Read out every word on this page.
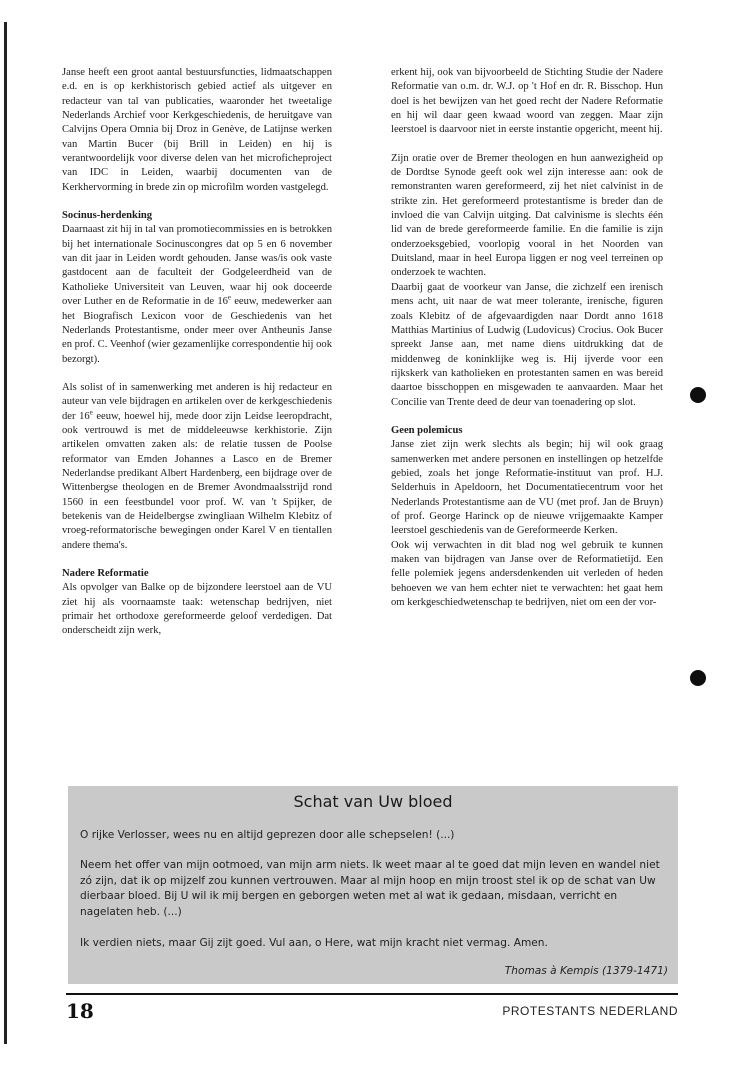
Janse heeft een groot aantal bestuursfuncties, lidmaatschappen e.d. en is op kerkhistorisch gebied actief als uitgever en redacteur van tal van publicaties, waaronder het tweetalige Nederlands Archief voor Kerkgeschiedenis, de heruitgave van Calvijns Opera Omnia bij Droz in Genève, de Latijnse werken van Martin Bucer (bij Brill in Leiden) en hij is verantwoordelijk voor diverse delen van het microficheproject van IDC in Leiden, waarbij documenten van de Kerkhervorming in brede zin op microfilm worden vastgelegd.

Socinus-herdenking

Daarnaast zit hij in tal van promotiecommissies en is betrokken bij het internationale Socinuscongres dat op 5 en 6 november van dit jaar in Leiden wordt gehouden. Janse was/is ook vaste gastdocent aan de faculteit der Godgeleerdheid van de Katholieke Universiteit van Leuven, waar hij ook doceerde over Luther en de Reformatie in de 16e eeuw, medewerker aan het Biografisch Lexicon voor de Geschiedenis van het Nederlands Protestantisme, onder meer over Antheunis Janse en prof. C. Veenhof (wier gezamenlijke correspondentie hij ook bezorgt).

Als solist of in samenwerking met anderen is hij redacteur en auteur van vele bijdragen en artikelen over de kerkgeschiedenis der 16e eeuw, hoewel hij, mede door zijn Leidse leeropdracht, ook vertrouwd is met de middeleeuwse kerkhistorie. Zijn artikelen omvatten zaken als: de relatie tussen de Poolse reformator van Emden Johannes a Lasco en de Bremer Nederlandse predikant Albert Hardenberg, een bijdrage over de Wittenbergse theologen en de Bremer Avondmaalsstrijd rond 1560 in een feestbundel voor prof. W. van 't Spijker, de betekenis van de Heidelbergse zwingliaan Wilhelm Klebitz of vroeg-reformatorische bewegingen onder Karel V en tientallen andere thema's.

Nadere Reformatie

Als opvolger van Balke op de bijzondere leerstoel aan de VU ziet hij als voornaamste taak: wetenschap bedrijven, niet primair het orthodoxe gereformeerde geloof verdedigen. Dat onderscheidt zijn werk,

erkent hij, ook van bijvoorbeeld de Stichting Studie der Nadere Reformatie van o.m. dr. W.J. op 't Hof en dr. R. Bisschop. Hun doel is het bewijzen van het goed recht der Nadere Reformatie en hij wil daar geen kwaad woord van zeggen. Maar zijn leerstoel is daarvoor niet in eerste instantie opgericht, meent hij.

Zijn oratie over de Bremer theologen en hun aanwezigheid op de Dordtse Synode geeft ook wel zijn interesse aan: ook de remonstranten waren gereformeerd, zij het niet calvinist in de strikte zin. Het gereformeerd protestantisme is breder dan de invloed die van Calvijn uitging. Dat calvinisme is slechts één lid van de brede gereformeerde familie. En die familie is zijn onderzoeksgebied, voorlopig vooral in het Noorden van Duitsland, maar in heel Europa liggen er nog veel terreinen op onderzoek te wachten.

Daarbij gaat de voorkeur van Janse, die zichzelf een irenisch mens acht, uit naar de wat meer tolerante, irenische, figuren zoals Klebitz of de afgevaardigden naar Dordt anno 1618 Matthias Martinius of Ludwig (Ludovicus) Crocius. Ook Bucer spreekt Janse aan, met name diens uitdrukking dat de middenweg de koninklijke weg is. Hij ijverde voor een rijkskerk van katholieken en protestanten samen en was bereid daartoe bisschoppen en misgewaden te aanvaarden. Maar het Concilie van Trente deed de deur van toenadering op slot.

Geen polemicus

Janse ziet zijn werk slechts als begin; hij wil ook graag samenwerken met andere personen en instellingen op hetzelfde gebied, zoals het jonge Reformatie-instituut van prof. H.J. Selderhuis in Apeldoorn, het Documentatiecentrum voor het Nederlands Protestantisme aan de VU (met prof. Jan de Bruyn) of prof. George Harinck op de nieuwe vrijgemaakte Kamper leerstoel geschiedenis van de Gereformeerde Kerken.

Ook wij verwachten in dit blad nog wel gebruik te kunnen maken van bijdragen van Janse over de Reformatietijd. Een felle polemiek jegens andersdenkenden uit verleden of heden behoeven we van hem echter niet te verwachten: het gaat hem om kerkgeschiedwetenschap te bedrijven, niet om een der vor-

Schat van Uw bloed

O rijke Verlosser, wees nu en altijd geprezen door alle schepselen! (...)

Neem het offer van mijn ootmoed, van mijn arm niets. Ik weet maar al te goed dat mijn leven en wandel niet zó zijn, dat ik op mijzelf zou kunnen vertrouwen. Maar al mijn hoop en mijn troost stel ik op de schat van Uw dierbaar bloed. Bij U wil ik mij bergen en geborgen weten met al wat ik gedaan, misdaan, verricht en nagelaten heb. (...)

Ik verdien niets, maar Gij zijt goed. Vul aan, o Here, wat mijn kracht niet vermag. Amen.

Thomas à Kempis (1379-1471)
18	PROTESTANTS NEDERLAND
